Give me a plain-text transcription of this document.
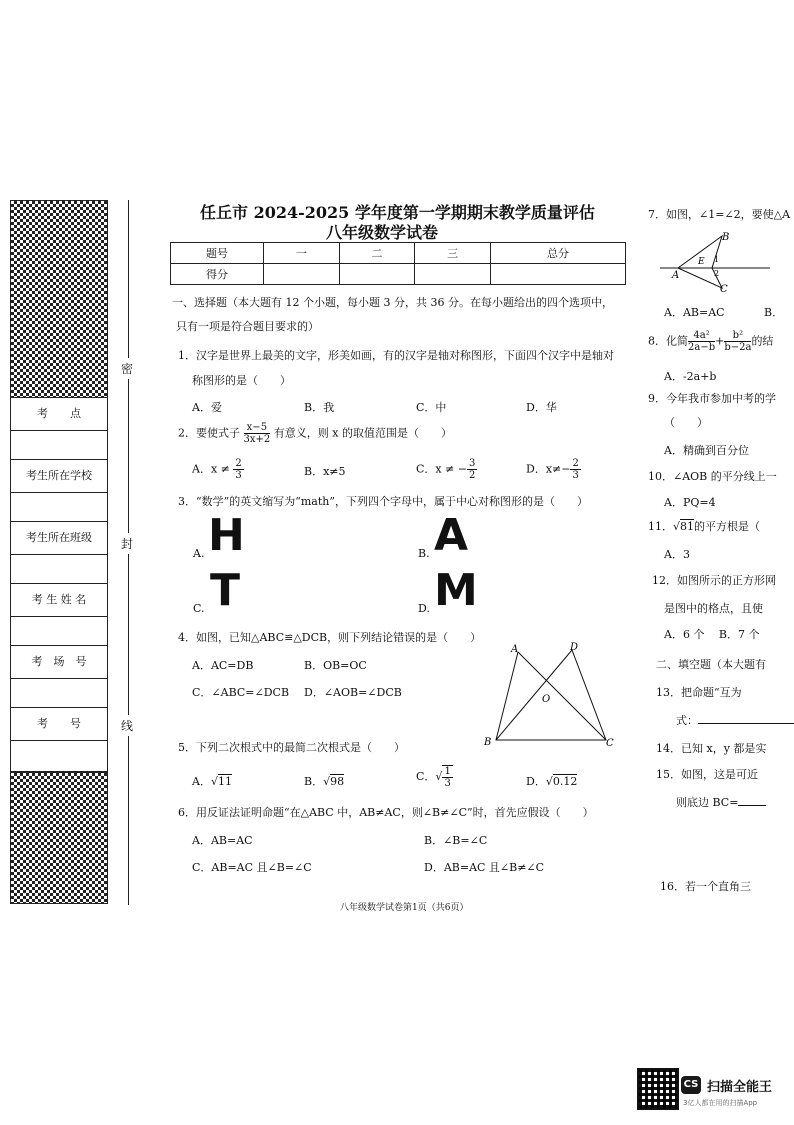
考　　点
考生所在学校
考生所在班级
考 生 姓 名
考　场　号
考　　号
密
封
线
任丘市 2024-2025 学年度第一学期期末教学质量评估
八年级数学试卷
题号	一	二	三	总分
得分				
一、选择题（本大题有 12 个小题，每小题 3 分，共 36 分。在每小题给出的四个选项中，
只有一项是符合题目要求的）
1．汉字是世界上最美的文字，形美如画，有的汉字是轴对称图形，下面四个汉字中是轴对
称图形的是（　　）
A．爱	B．我	C．中	D．华
2．要使式子 $\frac{x-5}{3x+2}$ 有意义，则 x 的取值范围是（　　）
A．$x \ne \frac{2}{3}$	B．x≠5	C．x ≠ − $\frac{3}{2}$	D．$x\ne- \frac{2}{3}$
3．“数学”的英文缩写为“math”，下列四个字母中，属于中心对称图形的是（　　）
A. H	B. A
C. T	D. M
4．如图，已知△ABC≌△DCB，则下列结论错误的是（　　）
A．AC=DB	B．OB=OC
C．∠ABC=∠DCB D．∠AOB=∠DCB
A	D
O
B	C
5．下列二次根式中的最简二次根式是（　　）
A．√11	B．√98	C．√ $\frac{1}{3}$	D．√0.12
6．用反证法证明命题“在△ABC 中，AB≠AC，则∠B≠∠C”时，首先应假设（　　）
A．AB=AC	B．∠B=∠C
C．AB=AC 且∠B=∠C	D．AB=AC 且∠B≠∠C
八年级数学试卷第1页（共6页）
7．如图，∠1=∠2，要使△A
A
B
E 1
2
C
A．AB=AC	B．
8．化简 $\frac{\text{4a²}}{2a-b} + \frac{\text{b²}}{b-2a}$ 的结
A．-2a+b
9．今年我市参加中考的学
（　　）
A．精确到百分位
10．∠AOB 的平分线上一
A．PQ=4
11．√81的平方根是（
A．3
12．如图所示的正方形网
是图中的格点，且使
A．6 个　 B．7 个
二、填空题（本大题有
13．把命题“互为
式：
14．已知 x，y 都是实
15．如图，这是可近
则底边 BC=
16．若一个直角三
CS 扫描全能王
3亿人都在用的扫描App
